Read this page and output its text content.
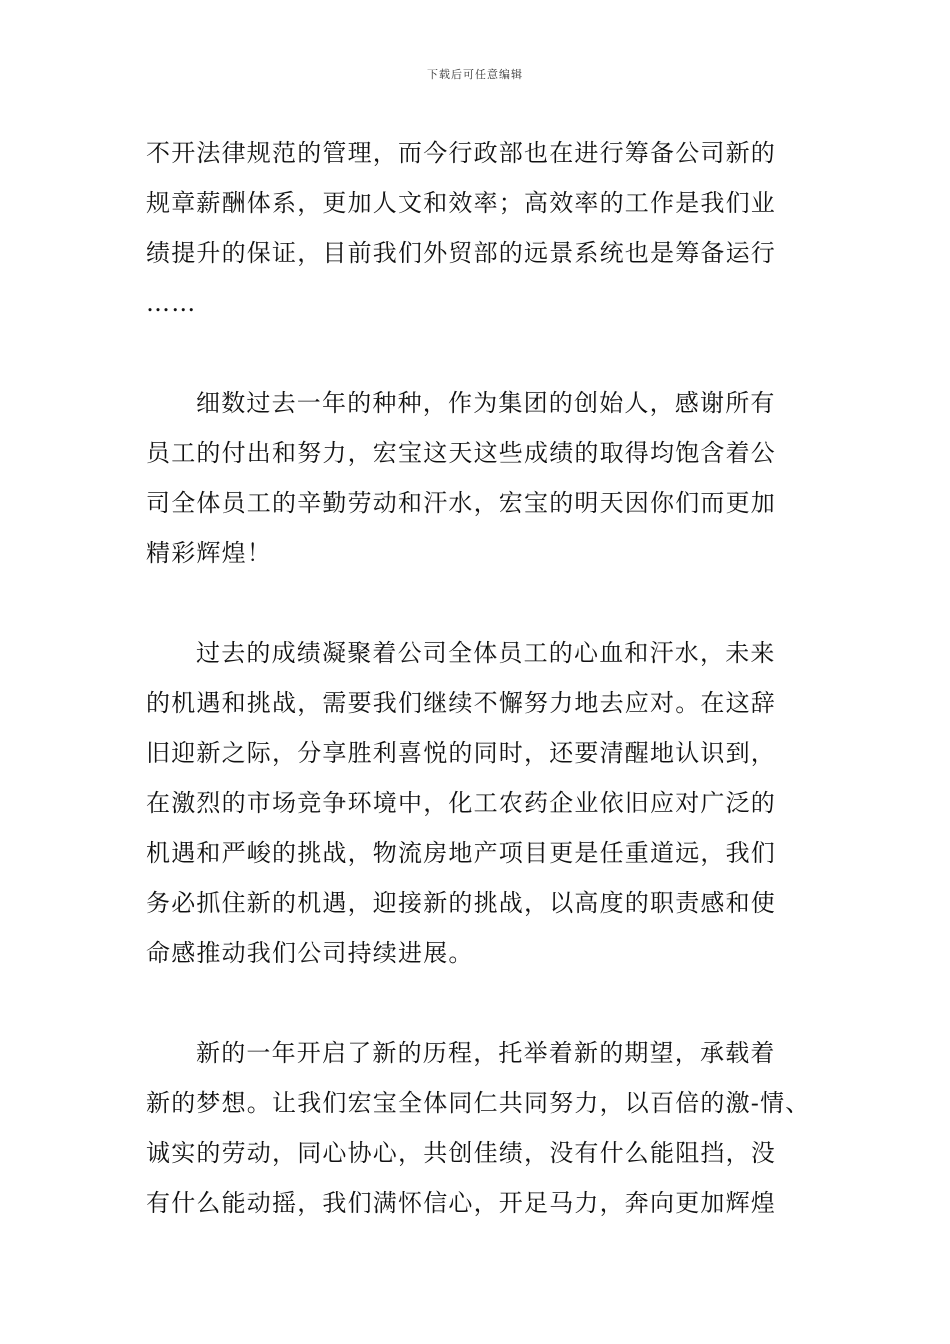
下载后可任意编辑
不开法律规范的管理，而今行政部也在进行筹备公司新的
规章薪酬体系，更加人文和效率；高效率的工作是我们业
绩提升的保证，目前我们外贸部的远景系统也是筹备运行
……
细数过去一年的种种，作为集团的创始人，感谢所有
员工的付出和努力，宏宝这天这些成绩的取得均饱含着公
司全体员工的辛勤劳动和汗水，宏宝的明天因你们而更加
精彩辉煌！
过去的成绩凝聚着公司全体员工的心血和汗水，未来
的机遇和挑战，需要我们继续不懈努力地去应对。在这辞
旧迎新之际，分享胜利喜悦的同时，还要清醒地认识到，
在激烈的市场竞争环境中，化工农药企业依旧应对广泛的
机遇和严峻的挑战，物流房地产项目更是任重道远，我们
务必抓住新的机遇，迎接新的挑战，以高度的职责感和使
命感推动我们公司持续进展。
新的一年开启了新的历程，托举着新的期望，承载着
新的梦想。让我们宏宝全体同仁共同努力，以百倍的激-情、
诚实的劳动，同心协心，共创佳绩，没有什么能阻挡，没
有什么能动摇，我们满怀信心，开足马力，奔向更加辉煌
